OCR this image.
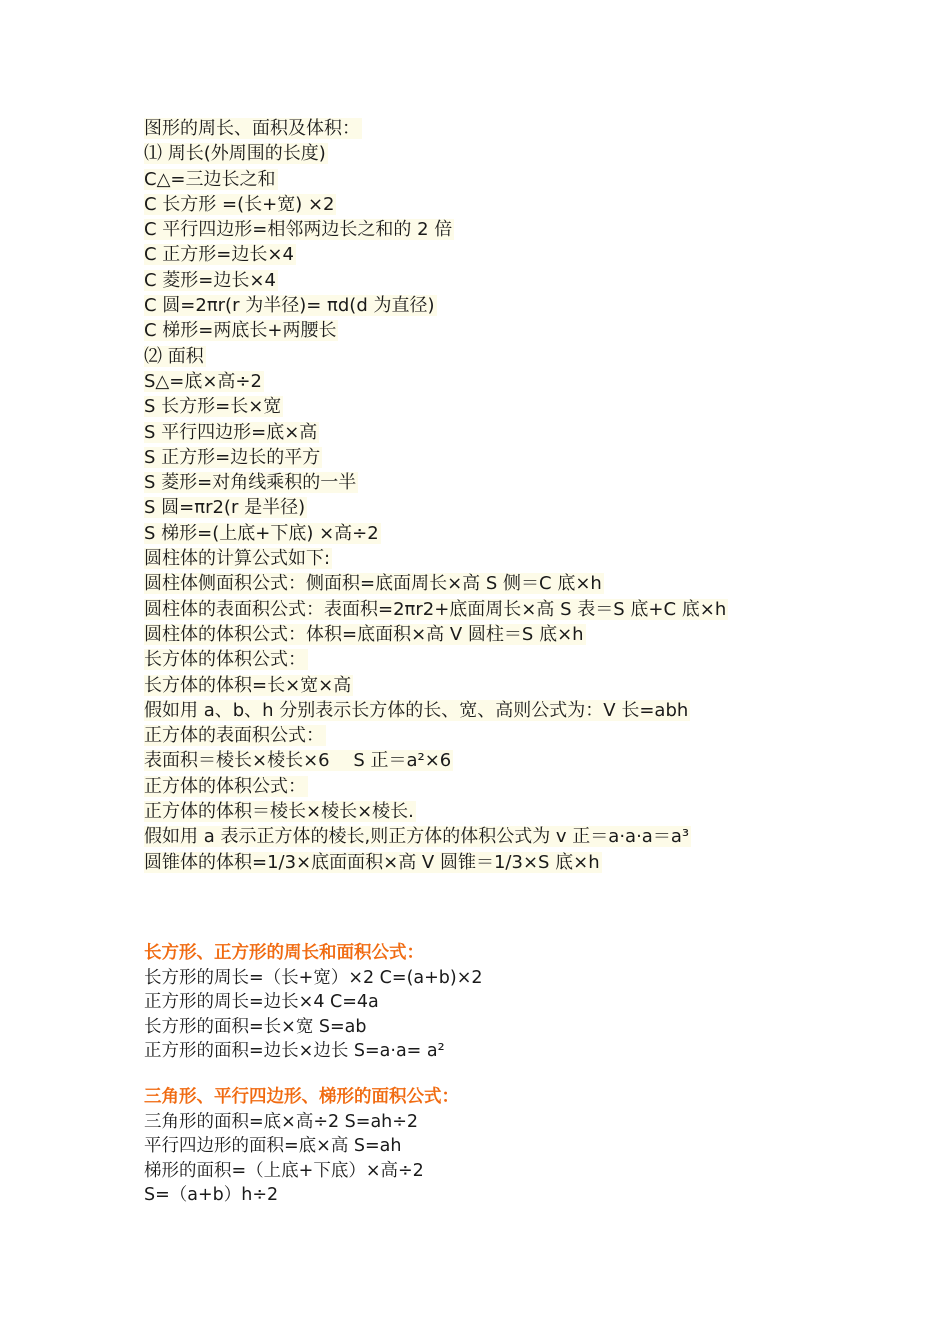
图形的周长、面积及体积：
⑴ 周长(外周围的长度)
C△=三边长之和
C 长方形 =(长+宽) ×2
C 平行四边形=相邻两边长之和的 2 倍
C 正方形=边长×4
C 菱形=边长×4
C 圆=2πr(r 为半径)= πd(d 为直径)
C 梯形=两底长+两腰长
⑵ 面积
S△=底×高÷2
S 长方形=长×宽
S 平行四边形=底×高
S 正方形=边长的平方
S 菱形=对角线乘积的一半
S 圆=πr2(r 是半径)
S 梯形=(上底+下底) ×高÷2
圆柱体的计算公式如下:
圆柱体侧面积公式：侧面积=底面周长×高 S 侧＝C 底×h
圆柱体的表面积公式：表面积=2πr2+底面周长×高 S 表＝S 底+C 底×h
圆柱体的体积公式：体积=底面积×高 V 圆柱＝S 底×h
长方体的体积公式：
长方体的体积=长×宽×高
假如用 a、b、h 分别表示长方体的长、宽、高则公式为：V 长=abh
正方体的表面积公式：
表面积＝棱长×棱长×6　 S 正＝a²×6
正方体的体积公式：
正方体的体积＝棱长×棱长×棱长.
假如用 a 表示正方体的棱长,则正方体的体积公式为 v 正＝a·a·a＝a³
圆锥体的体积=1/3×底面面积×高 V 圆锥＝1/3×S 底×h
长方形、正方形的周长和面积公式：
长方形的周长=（长+宽）×2 C=(a+b)×2
正方形的周长=边长×4 C=4a
长方形的面积=长×宽 S=ab
正方形的面积=边长×边长 S=a·a= a²
三角形、平行四边形、梯形的面积公式：
三角形的面积=底×高÷2 S=ah÷2
平行四边形的面积=底×高 S=ah
梯形的面积=（上底+下底）×高÷2
S=（a+b）h÷2
